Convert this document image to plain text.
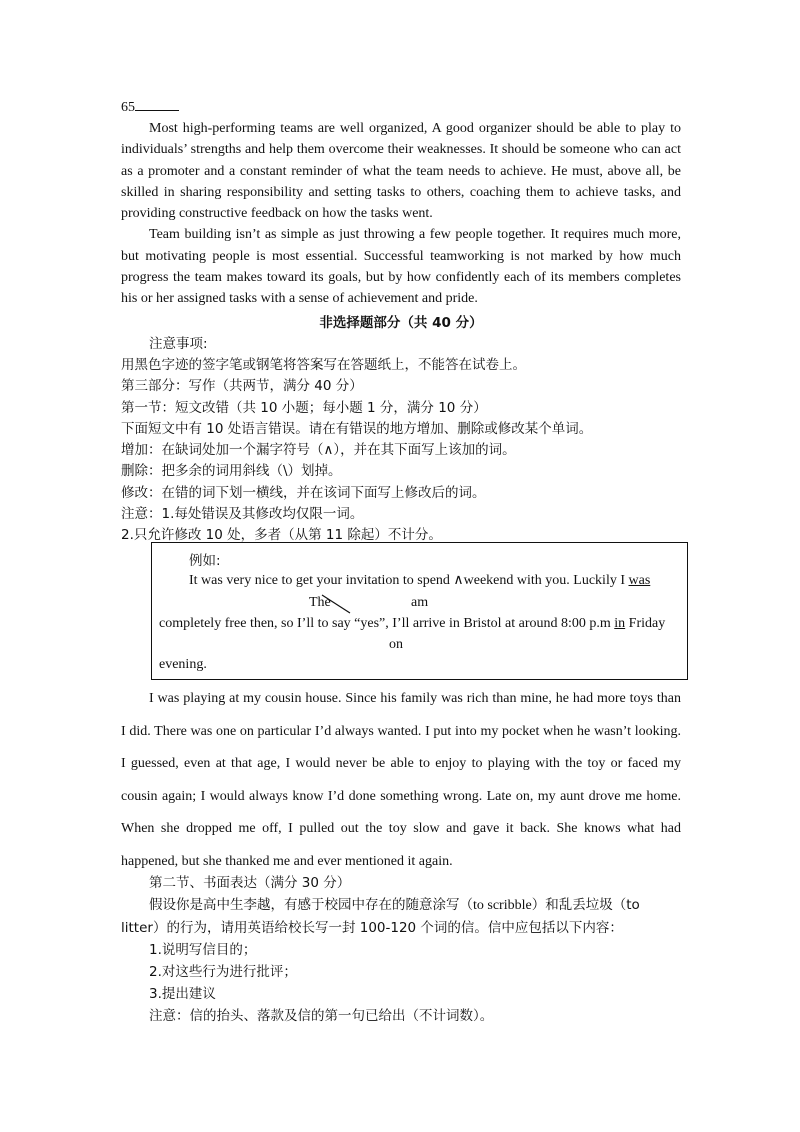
65

Most high-performing teams are well organized, A good organizer should be able to play to individuals’ strengths and help them overcome their weaknesses. It should be someone who can act as a promoter and a constant reminder of what the team needs to achieve. He must, above all, be skilled in sharing responsibility and setting tasks to others, coaching them to achieve tasks, and providing constructive feedback on how the tasks went.

Team building isn’t as simple as just throwing a few people together. It requires much more, but motivating people is most essential. Successful teamworking is not marked by how much progress the team makes toward its goals, but by how confidently each of its members completes his or her assigned tasks with a sense of achievement and pride.

非选择题部分（共 40 分）
注意事项:
用黑色字迹的签字笔或钢笔将答案写在答题纸上，不能答在试卷上。
第三部分：写作（共两节，满分 40 分）
第一节：短文改错（共 10 小题；每小题 1 分，满分 10 分）
下面短文中有 10 处语言错误。请在有错误的地方增加、删除或修改某个单词。
增加：在缺词处加一个漏字符号（∧），并在其下面写上该加的词。
删除：把多余的词用斜线（\）划掉。
修改：在错的词下划一横线，并在该词下面写上修改后的词。
注意：1.每处错误及其修改均仅限一词。
2.只允许修改 10 处，多者（从第 11 除起）不计分。
例如:
It was very nice to get your invitation to spend ∧weekend with you. Luckily I was
The	am
completely free then, so I’ll to say “yes”, I’ll arrive in Bristol at around 8:00 p.m in Friday
on
evening.

I was playing at my cousin house. Since his family was rich than mine, he had more toys than I did. There was one on particular I’d always wanted. I put into my pocket when he wasn’t looking. I guessed, even at that age, I would never be able to enjoy to playing with the toy or faced my cousin again; I would always know I’d done something wrong. Late on, my aunt drove me home. When she dropped me off, I pulled out the toy slow and gave it back. She knows what had happened, but she thanked me and ever mentioned it again.

第二节、书面表达（满分 30 分）
假设你是高中生李越，有感于校园中存在的随意涂写（to scribble）和乱丢垃圾（to litter）的行为，请用英语给校长写一封 100-120 个词的信。信中应包括以下内容：
1.说明写信目的；
2.对这些行为进行批评；
3.提出建议
注意：信的抬头、落款及信的第一句已给出（不计词数）。
